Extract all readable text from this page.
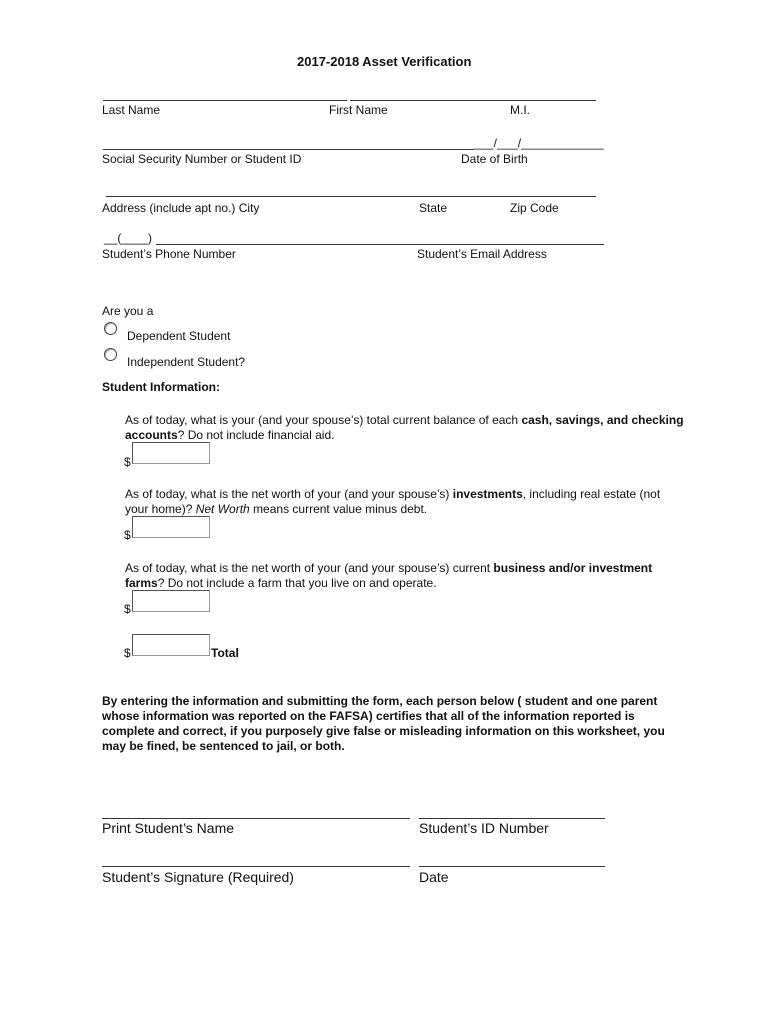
2017-2018 Asset Verification
Last Name	First Name	M.I.
___/___/____________
Social Security Number or Student ID	Date of Birth
Address (include apt no.) City	State	Zip Code
__(____)
Student’s Phone Number	Student’s Email Address
Are you a
Dependent Student
Independent Student?
Student Information:
As of today, what is your (and your spouse’s) total current balance of each cash, savings, and checking accounts? Do not include financial aid.
$
As of today, what is the net worth of your (and your spouse’s) investments, including real estate (not your home)? Net Worth means current value minus debt.
$
As of today, what is the net worth of your (and your spouse’s) current business and/or investment farms? Do not include a farm that you live on and operate.
$
$	Total
By entering the information and submitting the form, each person below ( student and one parent whose information was reported on the FAFSA) certifies that all of the information reported is complete and correct, if you purposely give false or misleading information on this worksheet, you may be fined, be sentenced to jail, or both.
Print Student’s Name	Student’s ID Number
Student’s Signature (Required)	Date
